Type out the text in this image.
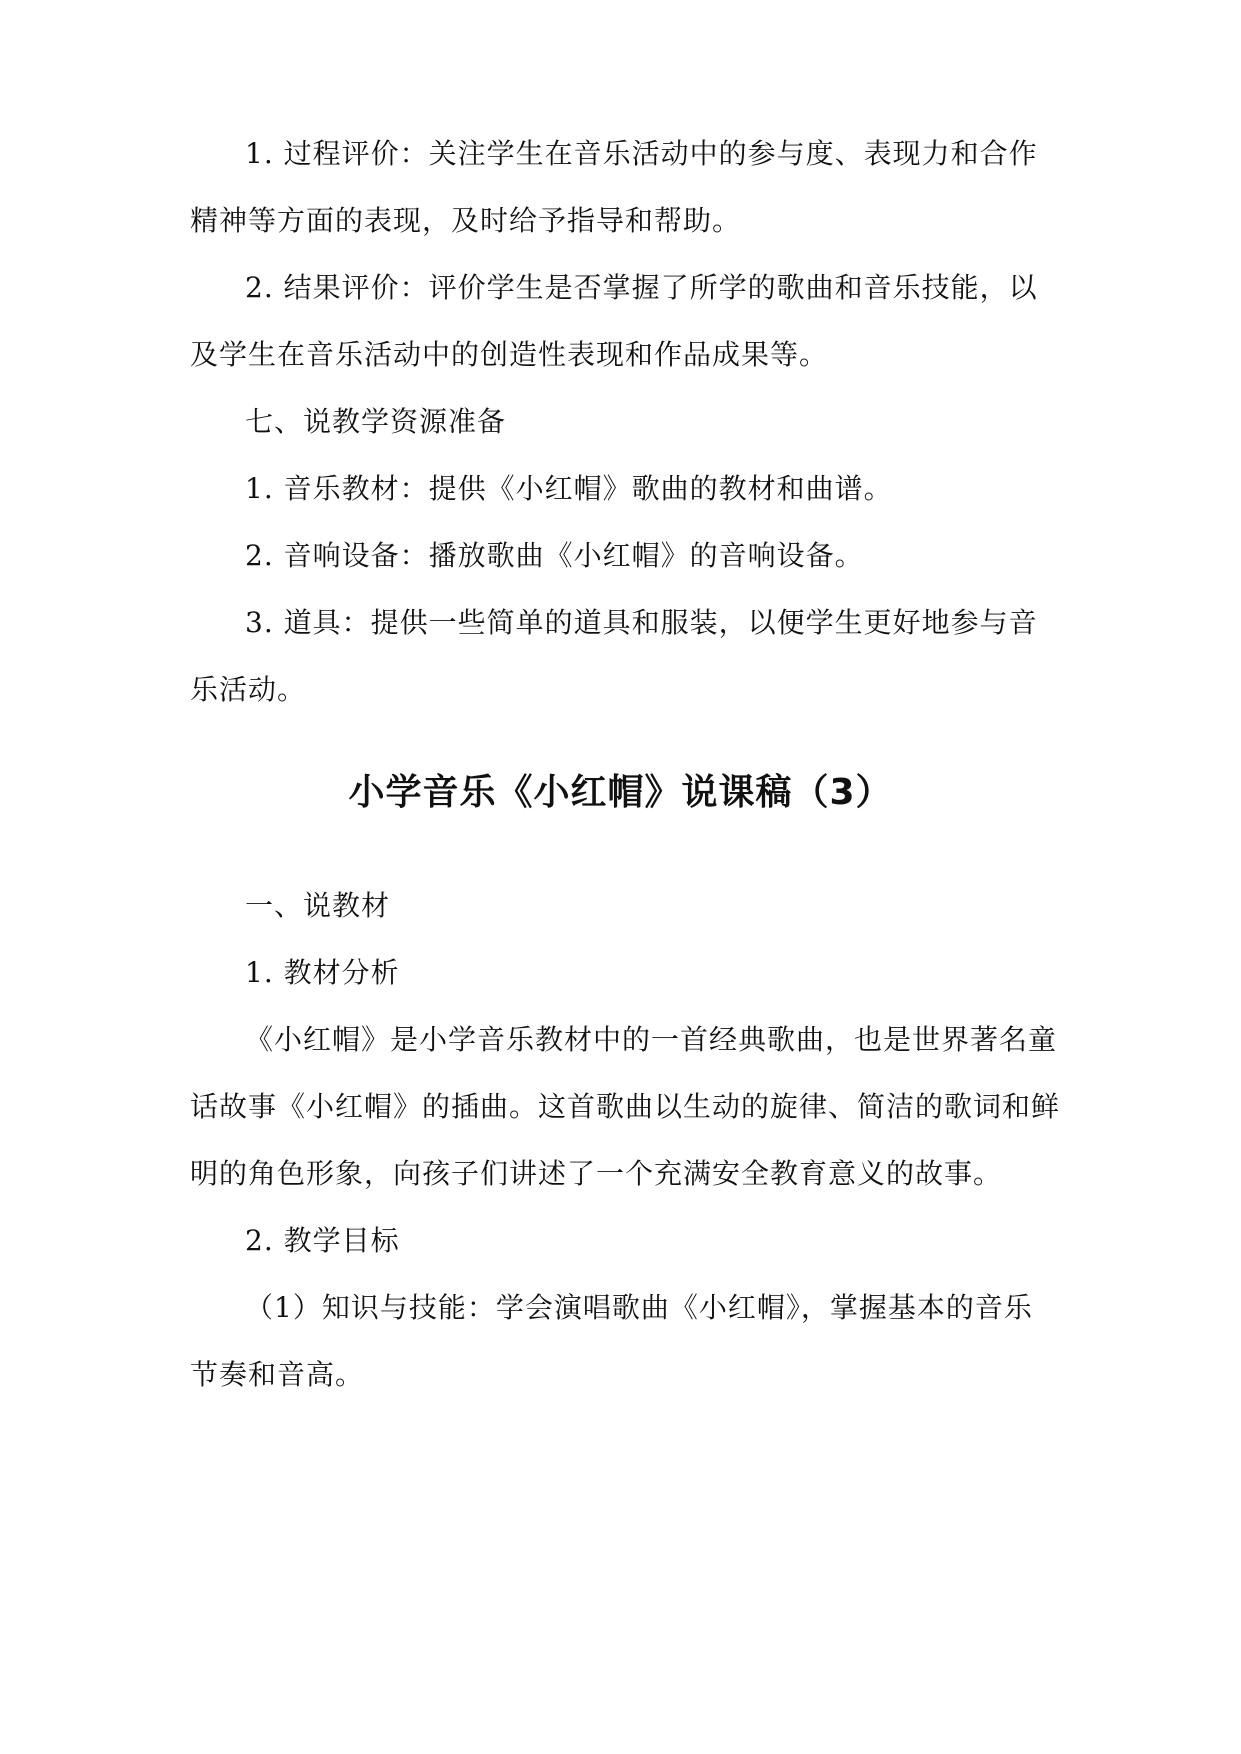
1. 过程评价：关注学生在音乐活动中的参与度、表现力和合作
精神等方面的表现，及时给予指导和帮助。
2. 结果评价：评价学生是否掌握了所学的歌曲和音乐技能，以
及学生在音乐活动中的创造性表现和作品成果等。
七、说教学资源准备
1. 音乐教材：提供《小红帽》歌曲的教材和曲谱。
2. 音响设备：播放歌曲《小红帽》的音响设备。
3. 道具：提供一些简单的道具和服装，以便学生更好地参与音
乐活动。
小学音乐《小红帽》说课稿（3）
一、说教材
1. 教材分析
《小红帽》是小学音乐教材中的一首经典歌曲，也是世界著名童
话故事《小红帽》的插曲。这首歌曲以生动的旋律、简洁的歌词和鲜
明的角色形象，向孩子们讲述了一个充满安全教育意义的故事。
2. 教学目标
（1）知识与技能：学会演唱歌曲《小红帽》，掌握基本的音乐
节奏和音高。
